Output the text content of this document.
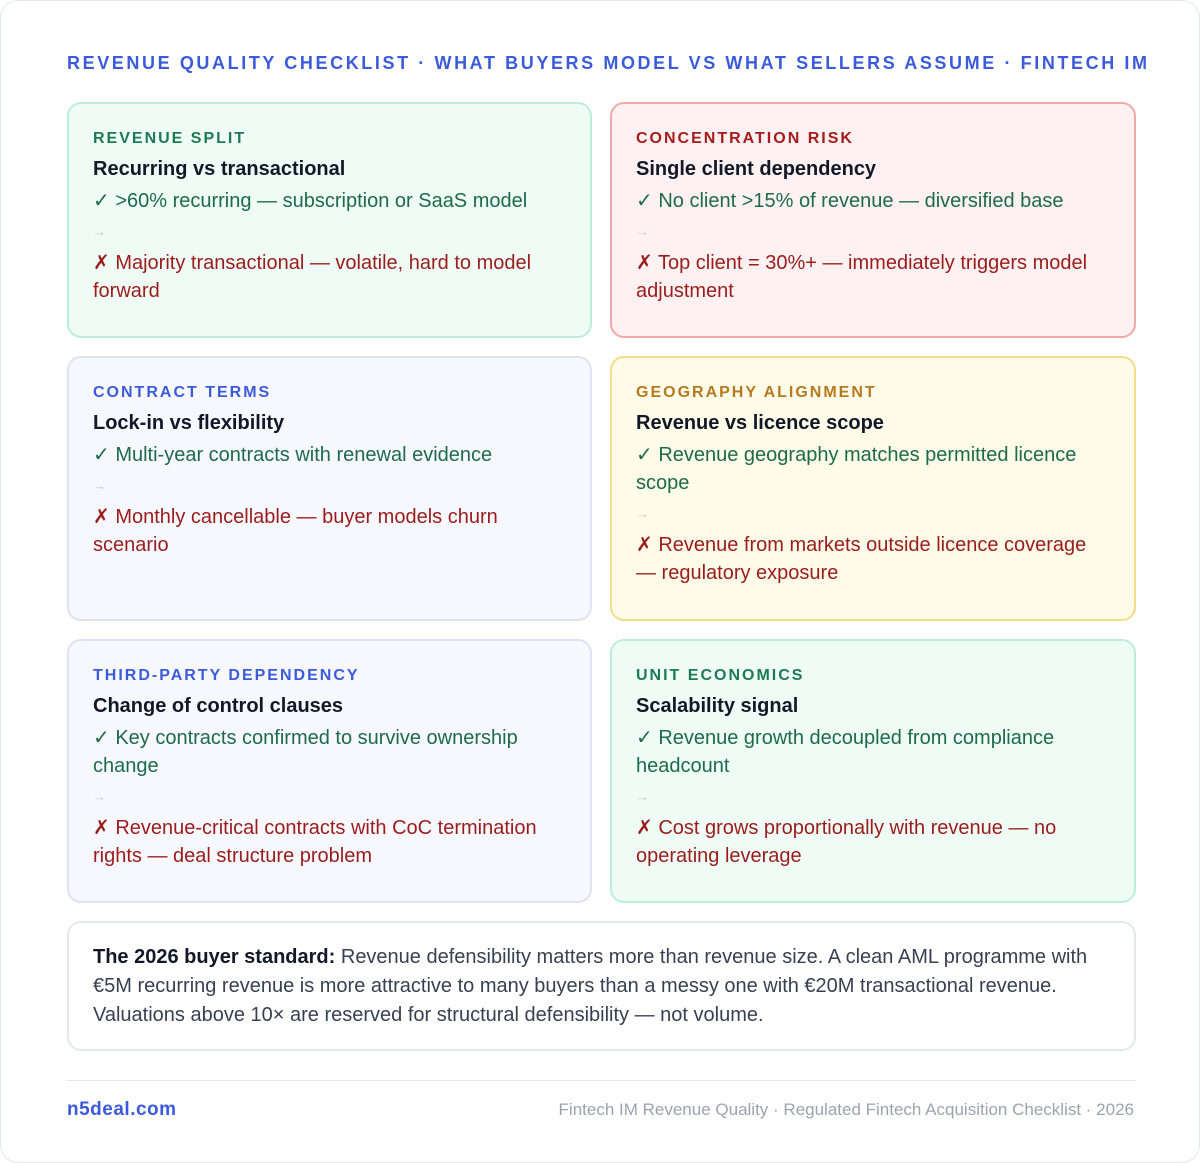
REVENUE QUALITY CHECKLIST · WHAT BUYERS MODEL VS WHAT SELLERS ASSUME · FINTECH IM
REVENUE SPLIT
Recurring vs transactional
✓ >60% recurring — subscription or SaaS model
→
✗ Majority transactional — volatile, hard to model forward
CONCENTRATION RISK
Single client dependency
✓ No client >15% of revenue — diversified base
→
✗ Top client = 30%+ — immediately triggers model adjustment
CONTRACT TERMS
Lock-in vs flexibility
✓ Multi-year contracts with renewal evidence
→
✗ Monthly cancellable — buyer models churn scenario
GEOGRAPHY ALIGNMENT
Revenue vs licence scope
✓ Revenue geography matches permitted licence scope
→
✗ Revenue from markets outside licence coverage — regulatory exposure
THIRD-PARTY DEPENDENCY
Change of control clauses
✓ Key contracts confirmed to survive ownership change
→
✗ Revenue-critical contracts with CoC termination rights — deal structure problem
UNIT ECONOMICS
Scalability signal
✓ Revenue growth decoupled from compliance headcount
→
✗ Cost grows proportionally with revenue — no operating leverage
The 2026 buyer standard: Revenue defensibility matters more than revenue size. A clean AML programme with €5M recurring revenue is more attractive to many buyers than a messy one with €20M transactional revenue. Valuations above 10× are reserved for structural defensibility — not volume.
n5deal.com	Fintech IM Revenue Quality · Regulated Fintech Acquisition Checklist · 2026
